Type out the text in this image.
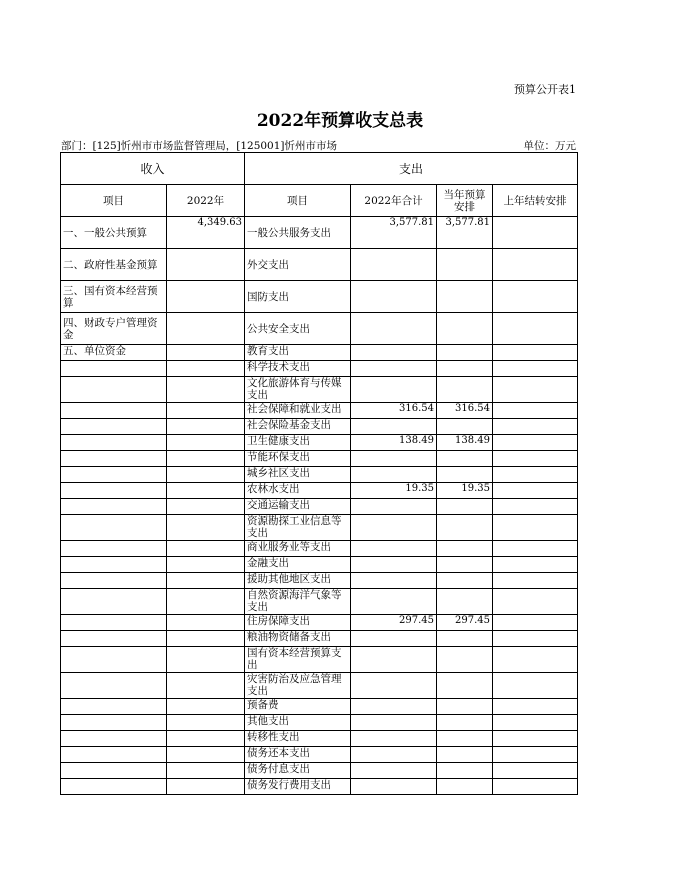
预算公开表1
2022年预算收支总表
部门：[125]忻州市市场监督管理局，[125001]忻州市市场	单位：万元
收入		支出			
项目	2022年	项目	2022年合计	当年预算安排	上年结转安排
一、一般公共预算	4,349.63	一般公共服务支出	3,577.81	3,577.81	
二、政府性基金预算		外交支出			
三、国有资本经营预算		国防支出			
四、财政专户管理资金		公共安全支出			
五、单位资金		教育支出			
		科学技术支出			
		文化旅游体育与传媒支出			
		社会保障和就业支出	316.54	316.54	
		社会保险基金支出			
		卫生健康支出	138.49	138.49	
		节能环保支出			
		城乡社区支出			
		农林水支出	19.35	19.35	
		交通运输支出			
		资源勘探工业信息等支出			
		商业服务业等支出			
		金融支出			
		援助其他地区支出			
		自然资源海洋气象等支出			
		住房保障支出	297.45	297.45	
		粮油物资储备支出			
		国有资本经营预算支出			
		灾害防治及应急管理支出			
		预备费			
		其他支出			
		转移性支出			
		债务还本支出			
		债务付息支出			
		债务发行费用支出			
